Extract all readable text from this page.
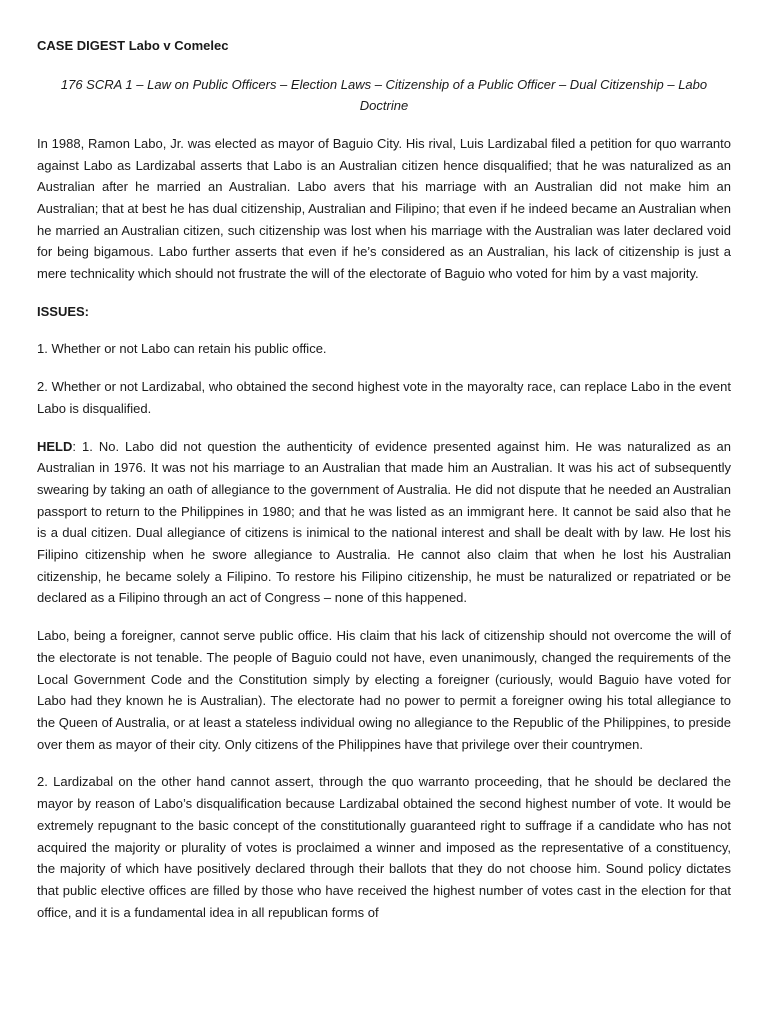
CASE DIGEST Labo v Comelec
176 SCRA 1 – Law on Public Officers – Election Laws – Citizenship of a Public Officer – Dual Citizenship – Labo Doctrine

In 1988, Ramon Labo, Jr. was elected as mayor of Baguio City. His rival, Luis Lardizabal filed a petition for quo warranto against Labo as Lardizabal asserts that Labo is an Australian citizen hence disqualified; that he was naturalized as an Australian after he married an Australian. Labo avers that his marriage with an Australian did not make him an Australian; that at best he has dual citizenship, Australian and Filipino; that even if he indeed became an Australian when he married an Australian citizen, such citizenship was lost when his marriage with the Australian was later declared void for being bigamous. Labo further asserts that even if he’s considered as an Australian, his lack of citizenship is just a mere technicality which should not frustrate the will of the electorate of Baguio who voted for him by a vast majority.

ISSUES:

1. Whether or not Labo can retain his public office.

2. Whether or not Lardizabal, who obtained the second highest vote in the mayoralty race, can replace Labo in the event Labo is disqualified.

HELD: 1. No. Labo did not question the authenticity of evidence presented against him. He was naturalized as an Australian in 1976. It was not his marriage to an Australian that made him an Australian. It was his act of subsequently swearing by taking an oath of allegiance to the government of Australia. He did not dispute that he needed an Australian passport to return to the Philippines in 1980; and that he was listed as an immigrant here. It cannot be said also that he is a dual citizen. Dual allegiance of citizens is inimical to the national interest and shall be dealt with by law. He lost his Filipino citizenship when he swore allegiance to Australia. He cannot also claim that when he lost his Australian citizenship, he became solely a Filipino. To restore his Filipino citizenship, he must be naturalized or repatriated or be declared as a Filipino through an act of Congress – none of this happened.

Labo, being a foreigner, cannot serve public office. His claim that his lack of citizenship should not overcome the will of the electorate is not tenable. The people of Baguio could not have, even unanimously, changed the requirements of the Local Government Code and the Constitution simply by electing a foreigner (curiously, would Baguio have voted for Labo had they known he is Australian). The electorate had no power to permit a foreigner owing his total allegiance to the Queen of Australia, or at least a stateless individual owing no allegiance to the Republic of the Philippines, to preside over them as mayor of their city. Only citizens of the Philippines have that privilege over their countrymen.

2. Lardizabal on the other hand cannot assert, through the quo warranto proceeding, that he should be declared the mayor by reason of Labo’s disqualification because Lardizabal obtained the second highest number of vote. It would be extremely repugnant to the basic concept of the constitutionally guaranteed right to suffrage if a candidate who has not acquired the majority or plurality of votes is proclaimed a winner and imposed as the representative of a constituency, the majority of which have positively declared through their ballots that they do not choose him. Sound policy dictates that public elective offices are filled by those who have received the highest number of votes cast in the election for that office, and it is a fundamental idea in all republican forms of
